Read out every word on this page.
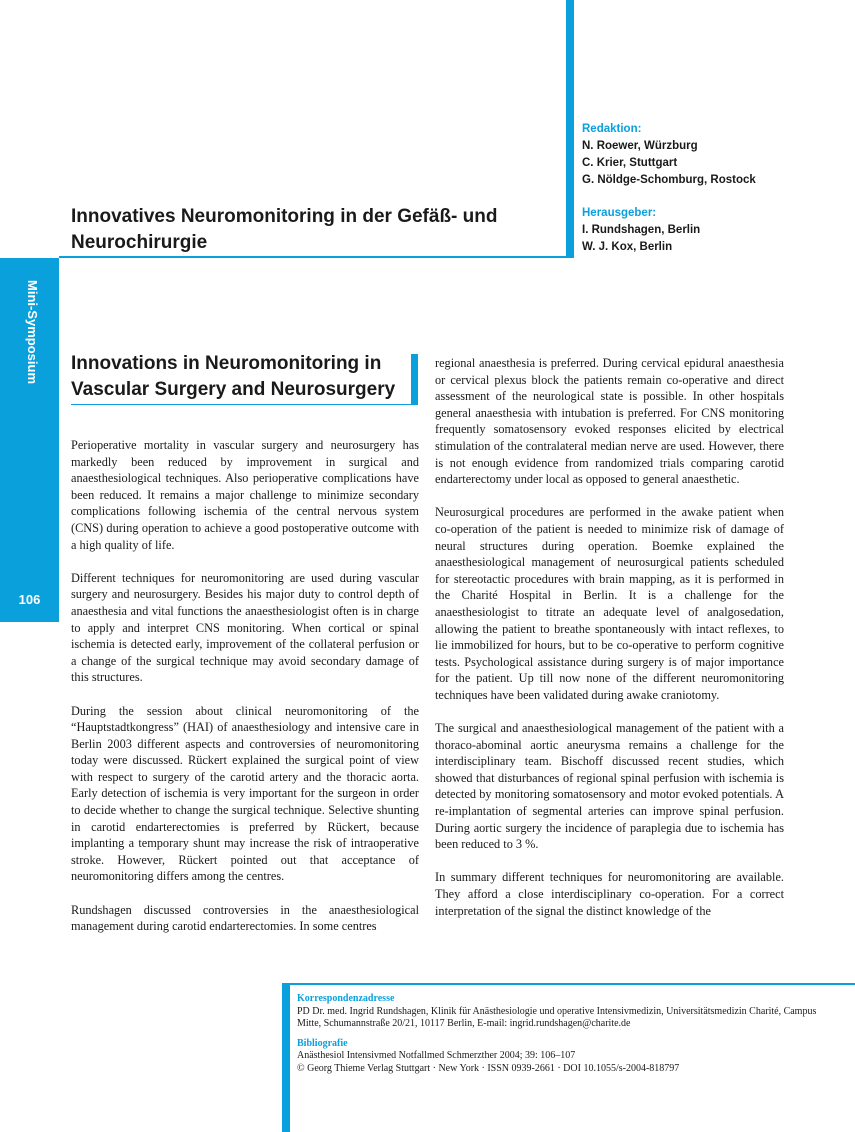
Mini-Symposium
106
Redaktion:
N. Roewer, Würzburg
C. Krier, Stuttgart
G. Nöldge-Schomburg, Rostock
Herausgeber:
I. Rundshagen, Berlin
W. J. Kox, Berlin
Innovatives Neuromonitoring in der Gefäß- und Neurochirurgie
Innovations in Neuromonitoring in Vascular Surgery and Neurosurgery

Perioperative mortality in vascular surgery and neurosurgery has markedly been reduced by improvement in surgical and anaesthesiological techniques. Also perioperative complications have been reduced. It remains a major challenge to minimize secondary complications following ischemia of the central nervous system (CNS) during operation to achieve a good postoperative outcome with a high quality of life.

Different techniques for neuromonitoring are used during vascular surgery and neurosurgery. Besides his major duty to control depth of anaesthesia and vital functions the anaesthesiologist often is in charge to apply and interpret CNS monitoring. When cortical or spinal ischemia is detected early, improvement of the collateral perfusion or a change of the surgical technique may avoid secondary damage of this structures.

During the session about clinical neuromonitoring of the “Hauptstadtkongress” (HAI) of anaesthesiology and intensive care in Berlin 2003 different aspects and controversies of neuromonitoring today were discussed. Rückert explained the surgical point of view with respect to surgery of the carotid artery and the thoracic aorta. Early detection of ischemia is very important for the surgeon in order to decide whether to change the surgical technique. Selective shunting in carotid endarterectomies is preferred by Rückert, because implanting a temporary shunt may increase the risk of intraoperative stroke. However, Rückert pointed out that acceptance of neuromonitoring differs among the centres.

Rundshagen discussed controversies in the anaesthesiological management during carotid endarterectomies. In some centres

regional anaesthesia is preferred. During cervical epidural anaesthesia or cervical plexus block the patients remain co-operative and direct assessment of the neurological state is possible. In other hospitals general anaesthesia with intubation is preferred. For CNS monitoring frequently somatosensory evoked responses elicited by electrical stimulation of the contralateral median nerve are used. However, there is not enough evidence from randomized trials comparing carotid endarterectomy under local as opposed to general anaesthetic.

Neurosurgical procedures are performed in the awake patient when co-operation of the patient is needed to minimize risk of damage of neural structures during operation. Boemke explained the anaesthesiological management of neurosurgical patients scheduled for stereotactic procedures with brain mapping, as it is performed in the Charité Hospital in Berlin. It is a challenge for the anaesthesiologist to titrate an adequate level of analgosedation, allowing the patient to breathe spontaneously with intact reflexes, to lie immobilized for hours, but to be co-operative to perform cognitive tests. Psychological assistance during surgery is of major importance for the patient. Up till now none of the different neuromonitoring techniques have been validated during awake craniotomy.

The surgical and anaesthesiological management of the patient with a thoraco-abominal aortic aneurysma remains a challenge for the interdisciplinary team. Bischoff discussed recent studies, which showed that disturbances of regional spinal perfusion with ischemia is detected by monitoring somatosensory and motor evoked potentials. A re-implantation of segmental arteries can improve spinal perfusion. During aortic surgery the incidence of paraplegia due to ischemia has been reduced to 3 %.

In summary different techniques for neuromonitoring are available. They afford a close interdisciplinary co-operation. For a correct interpretation of the signal the distinct knowledge of the

Korrespondenzadresse
PD Dr. med. Ingrid Rundshagen, Klinik für Anästhesiologie und operative Intensivmedizin, Universitätsmedizin Charité, Campus Mitte, Schumannstraße 20/21, 10117 Berlin, E-mail: ingrid.rundshagen@charite.de
Bibliografie
Anästhesiol Intensivmed Notfallmed Schmerzther 2004; 39: 106–107
© Georg Thieme Verlag Stuttgart · New York · ISSN 0939-2661 · DOI 10.1055/s-2004-818797
